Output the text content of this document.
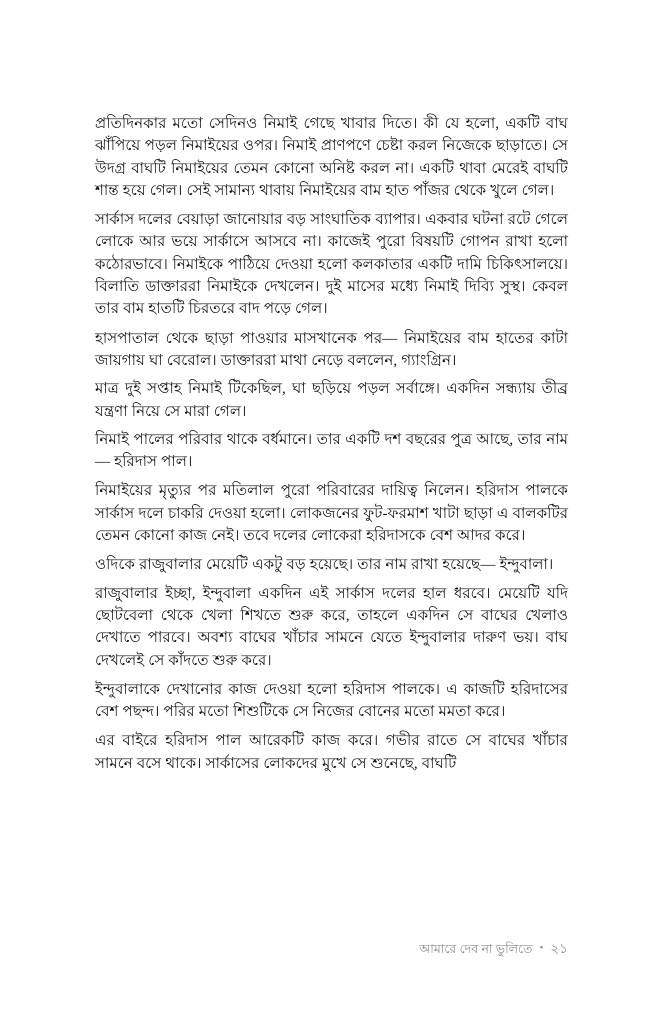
প্রতিদিনকার মতো সেদিনও নিমাই গেছে খাবার দিতে। কী যে হলো, একটি বাঘ ঝাঁপিয়ে পড়ল নিমাইয়ের ওপর। নিমাই প্রাণপণে চেষ্টা করল নিজেকে ছাড়াতে। সে উদগ্র বাঘটি নিমাইয়ের তেমন কোনো অনিষ্ট করল না। একটি থাবা মেরেই বাঘটি শান্ত হয়ে গেল। সেই সামান্য থাবায় নিমাইয়ের বাম হাত পাঁজর থেকে খুলে গেল।

সার্কাস দলের বেয়াড়া জানোয়ার বড় সাংঘাতিক ব্যাপার। একবার ঘটনা রটে গেলে লোকে আর ভয়ে সার্কাসে আসবে না। কাজেই পুরো বিষয়টি গোপন রাখা হলো কঠোরভাবে। নিমাইকে পাঠিয়ে দেওয়া হলো কলকাতার একটি দামি চিকিৎসালয়ে। বিলাতি ডাক্তাররা নিমাইকে দেখলেন। দুই মাসের মধ্যে নিমাই দিব্যি সুস্থ। কেবল তার বাম হাতটি চিরতরে বাদ পড়ে গেল।

হাসপাতাল থেকে ছাড়া পাওয়ার মাসখানেক পর— নিমাইয়ের বাম হাতের কাটা জায়গায় ঘা বেরোল। ডাক্তাররা মাথা নেড়ে বললেন, গ্যাংগ্রিন।

মাত্র দুই সপ্তাহ নিমাই টিকেছিল, ঘা ছড়িয়ে পড়ল সর্বাঙ্গে। একদিন সন্ধ্যায় তীব্র যন্ত্রণা নিয়ে সে মারা গেল।

নিমাই পালের পরিবার থাকে বর্ধমানে। তার একটি দশ বছরের পুত্র আছে, তার নাম— হরিদাস পাল।

নিমাইয়ের মৃত্যুর পর মতিলাল পুরো পরিবারের দায়িত্ব নিলেন। হরিদাস পালকে সার্কাস দলে চাকরি দেওয়া হলো। লোকজনের ফুট-ফরমাশ খাটা ছাড়া এ বালকটির তেমন কোনো কাজ নেই। তবে দলের লোকেরা হরিদাসকে বেশ আদর করে।

ওদিকে রাজুবালার মেয়েটি একটু বড় হয়েছে। তার নাম রাখা হয়েছে— ইন্দুবালা।

রাজুবালার ইচ্ছা, ইন্দুবালা একদিন এই সার্কাস দলের হাল ধরবে। মেয়েটি যদি ছোটবেলা থেকে খেলা শিখতে শুরু করে, তাহলে একদিন সে বাঘের খেলাও দেখাতে পারবে। অবশ্য বাঘের খাঁচার সামনে যেতে ইন্দুবালার দারুণ ভয়। বাঘ দেখলেই সে কাঁদতে শুরু করে।

ইন্দুবালাকে দেখানোর কাজ দেওয়া হলো হরিদাস পালকে। এ কাজটি হরিদাসের বেশ পছন্দ। পরির মতো শিশুটিকে সে নিজের বোনের মতো মমতা করে।

এর বাইরে হরিদাস পাল আরেকটি কাজ করে। গভীর রাতে সে বাঘের খাঁচার সামনে বসে থাকে। সার্কাসের লোকদের মুখে সে শুনেছে, বাঘটি

আমারে দেব না ভুলিতে • ২১
